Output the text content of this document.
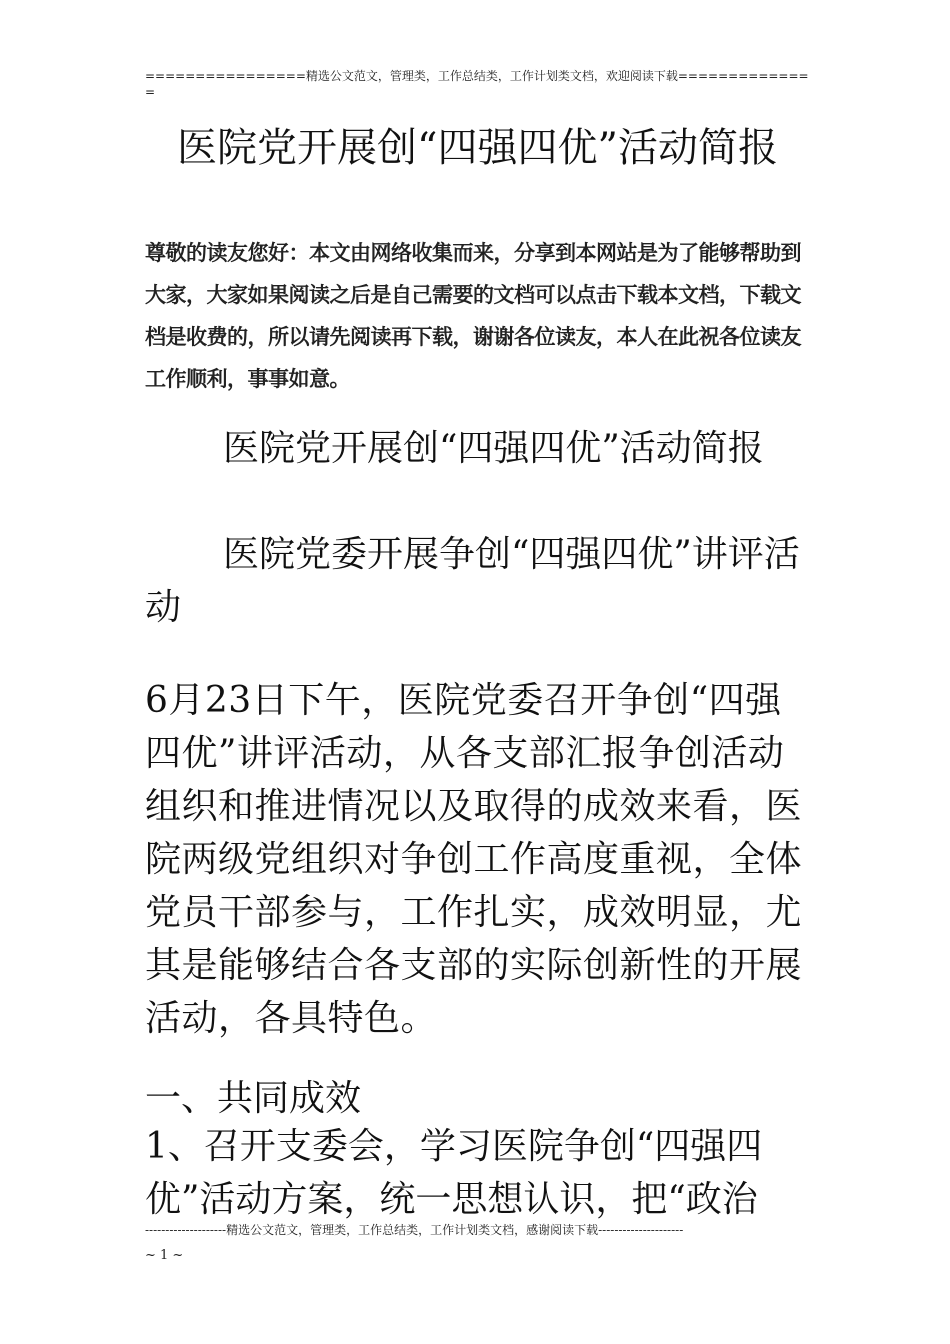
================精选公文范文，管理类，工作总结类，工作计划类文档，欢迎阅读下载==============
医院党开展创“四强四优”活动简报
尊敬的读友您好：本文由网络收集而来，分享到本网站是为了能够帮助到大家，大家如果阅读之后是自己需要的文档可以点击下载本文档，下载文档是收费的，所以请先阅读再下载，谢谢各位读友，本人在此祝各位读友工作顺利，事事如意。
医院党开展创“四强四优”活动简报
医院党委开展争创“四强四优”讲评活动
6月23日下午，医院党委召开争创“四强四优”讲评活动，从各支部汇报争创活动组织和推进情况以及取得的成效来看，医院两级党组织对争创工作高度重视，全体党员干部参与，工作扎实，成效明显，尤其是能够结合各支部的实际创新性的开展活动，各具特色。
一、共同成效
1、召开支委会，学习医院争创“四强四优”活动方案，统一思想认识，把“政治
--------------------精选公文范文，管理类，工作总结类，工作计划类文档，感谢阅读下载---------------------
~ 1 ~
